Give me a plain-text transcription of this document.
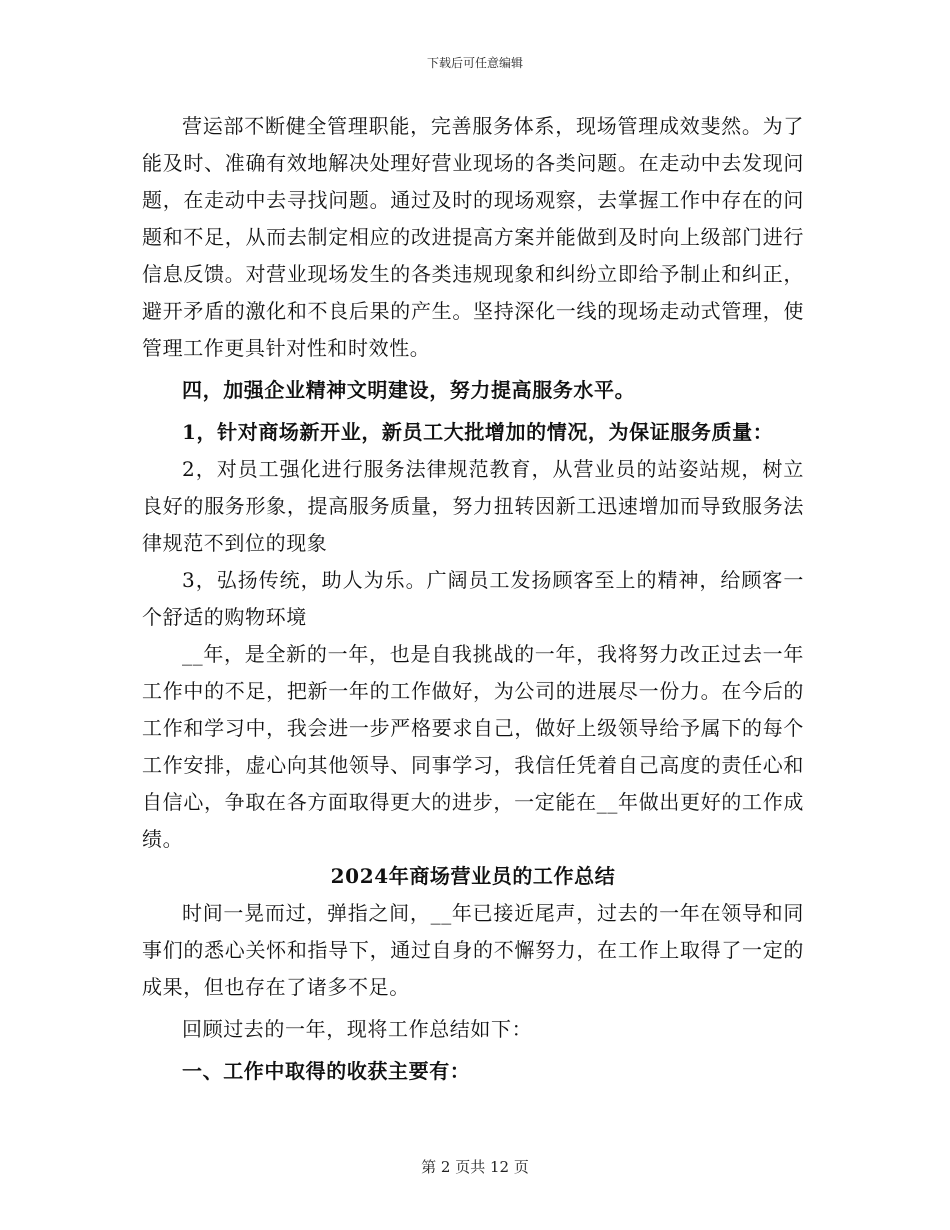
下载后可任意编辑

营运部不断健全管理职能，完善服务体系，现场管理成效斐然。为了能及时、准确有效地解决处理好营业现场的各类问题。在走动中去发现问题，在走动中去寻找问题。通过及时的现场观察，去掌握工作中存在的问题和不足，从而去制定相应的改进提高方案并能做到及时向上级部门进行信息反馈。对营业现场发生的各类违规现象和纠纷立即给予制止和纠正，避开矛盾的激化和不良后果的产生。坚持深化一线的现场走动式管理，使管理工作更具针对性和时效性。

四，加强企业精神文明建设，努力提高服务水平。

1，针对商场新开业，新员工大批增加的情况，为保证服务质量：

2，对员工强化进行服务法律规范教育，从营业员的站姿站规，树立良好的服务形象，提高服务质量，努力扭转因新工迅速增加而导致服务法律规范不到位的现象

3，弘扬传统，助人为乐。广阔员工发扬顾客至上的精神，给顾客一个舒适的购物环境

__年，是全新的一年，也是自我挑战的一年，我将努力改正过去一年工作中的不足，把新一年的工作做好，为公司的进展尽一份力。在今后的工作和学习中，我会进一步严格要求自己，做好上级领导给予属下的每个工作安排，虚心向其他领导、同事学习，我信任凭着自己高度的责任心和自信心，争取在各方面取得更大的进步，一定能在__年做出更好的工作成绩。

2024年商场营业员的工作总结

时间一晃而过，弹指之间，__年已接近尾声，过去的一年在领导和同事们的悉心关怀和指导下，通过自身的不懈努力，在工作上取得了一定的成果，但也存在了诸多不足。

回顾过去的一年，现将工作总结如下：

一、工作中取得的收获主要有：

第 2 页共 12 页
